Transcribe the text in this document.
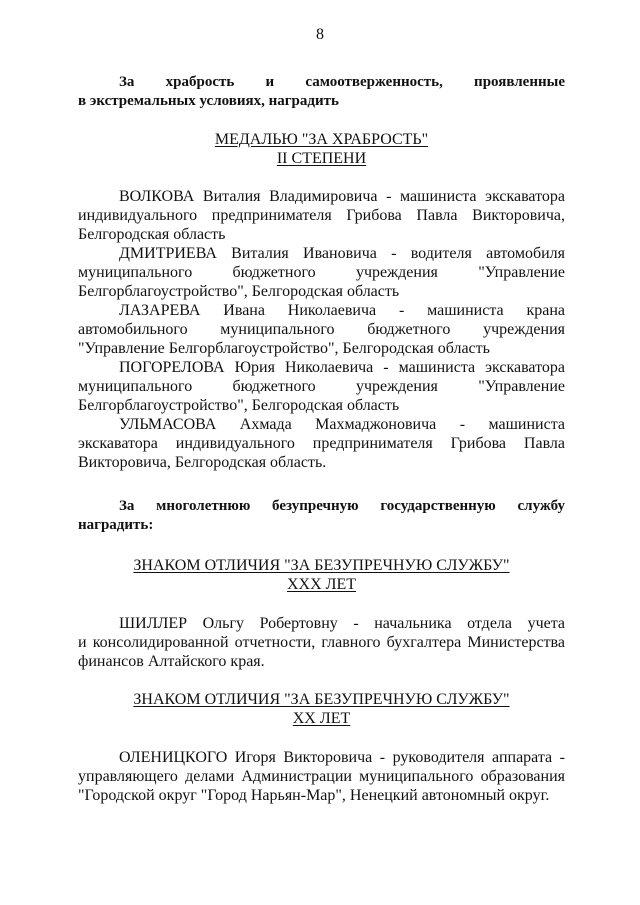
8

За храбрость и самоотверженность, проявленные

в экстремальных условиях, наградить

МЕДАЛЬЮ "ЗА ХРАБРОСТЬ"
II СТЕПЕНИ
ВОЛКОВА Виталия Владимировича - машиниста экскаватора
индивидуального предпринимателя Грибова Павла Викторовича,
Белгородская область
ДМИТРИЕВА Виталия Ивановича - водителя автомобиля
муниципального бюджетного учреждения "Управление
Белгорблагоустройство", Белгородская область
ЛАЗАРЕВА Ивана Николаевича - машиниста крана
автомобильного муниципального бюджетного учреждения
"Управление Белгорблагоустройство", Белгородская область
ПОГОРЕЛОВА Юрия Николаевича - машиниста экскаватора
муниципального бюджетного учреждения "Управление
Белгорблагоустройство", Белгородская область
УЛЬМАСОВА Ахмада Махмаджоновича - машиниста
экскаватора индивидуального предпринимателя Грибова Павла
Викторовича, Белгородская область.

За многолетнюю безупречную государственную службу

наградить:

ЗНАКОМ ОТЛИЧИЯ "ЗА БЕЗУПРЕЧНУЮ СЛУЖБУ"
XXX ЛЕТ
ШИЛЛЕР Ольгу Робертовну - начальника отдела учета
и консолидированной отчетности, главного бухгалтера Министерства
финансов Алтайского края.
ЗНАКОМ ОТЛИЧИЯ "ЗА БЕЗУПРЕЧНУЮ СЛУЖБУ"
XX ЛЕТ
ОЛЕНИЦКОГО Игоря Викторовича - руководителя аппарата -
управляющего делами Администрации муниципального образования
"Городской округ "Город Нарьян-Мар", Ненецкий автономный округ.
